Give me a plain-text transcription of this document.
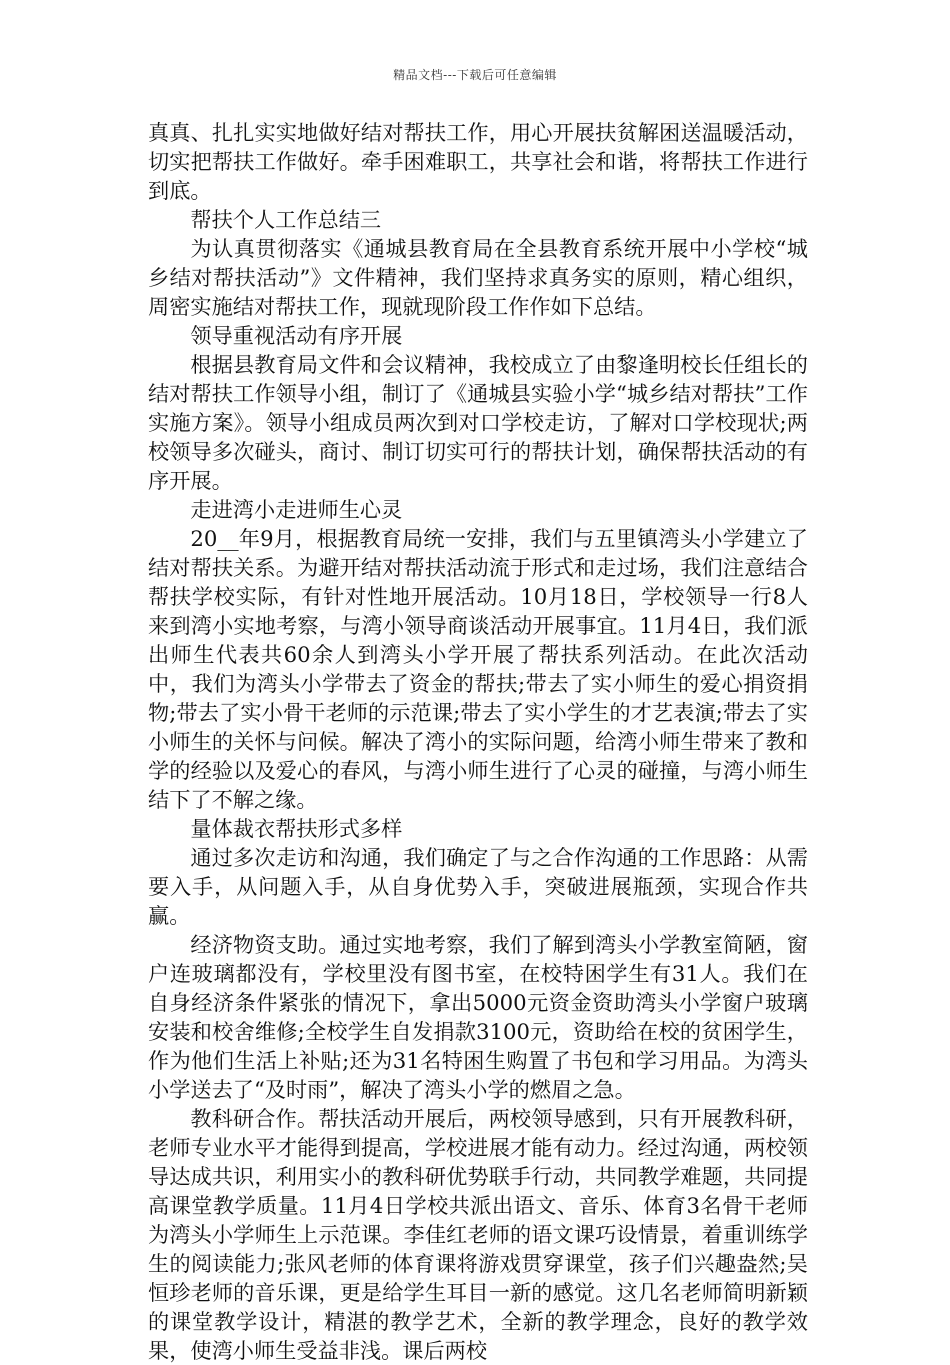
精品文档---下载后可任意编辑

真真、扎扎实实地做好结对帮扶工作，用心开展扶贫解困送温暖活动，切实把帮扶工作做好。牵手困难职工，共享社会和谐，将帮扶工作进行到底。

帮扶个人工作总结三

为认真贯彻落实《通城县教育局在全县教育系统开展中小学校“城乡结对帮扶活动”》文件精神，我们坚持求真务实的原则，精心组织，周密实施结对帮扶工作，现就现阶段工作作如下总结。

领导重视活动有序开展

根据县教育局文件和会议精神，我校成立了由黎逢明校长任组长的结对帮扶工作领导小组，制订了《通城县实验小学“城乡结对帮扶”工作实施方案》。领导小组成员两次到对口学校走访，了解对口学校现状;两校领导多次碰头，商讨、制订切实可行的帮扶计划，确保帮扶活动的有序开展。

走进湾小走进师生心灵

20__年9月，根据教育局统一安排，我们与五里镇湾头小学建立了结对帮扶关系。为避开结对帮扶活动流于形式和走过场，我们注意结合帮扶学校实际，有针对性地开展活动。10月18日，学校领导一行8人来到湾小实地考察，与湾小领导商谈活动开展事宜。11月4日，我们派出师生代表共60余人到湾头小学开展了帮扶系列活动。在此次活动中，我们为湾头小学带去了资金的帮扶;带去了实小师生的爱心捐资捐物;带去了实小骨干老师的示范课;带去了实小学生的才艺表演;带去了实小师生的关怀与问候。解决了湾小的实际问题，给湾小师生带来了教和学的经验以及爱心的春风，与湾小师生进行了心灵的碰撞，与湾小师生结下了不解之缘。

量体裁衣帮扶形式多样

通过多次走访和沟通，我们确定了与之合作沟通的工作思路：从需要入手，从问题入手，从自身优势入手，突破进展瓶颈，实现合作共赢。

经济物资支助。通过实地考察，我们了解到湾头小学教室简陋，窗户连玻璃都没有，学校里没有图书室，在校特困学生有31人。我们在自身经济条件紧张的情况下，拿出5000元资金资助湾头小学窗户玻璃安装和校舍维修;全校学生自发捐款3100元，资助给在校的贫困学生，作为他们生活上补贴;还为31名特困生购置了书包和学习用品。为湾头小学送去了“及时雨”，解决了湾头小学的燃眉之急。

教科研合作。帮扶活动开展后，两校领导感到，只有开展教科研，老师专业水平才能得到提高，学校进展才能有动力。经过沟通，两校领导达成共识，利用实小的教科研优势联手行动，共同教学难题，共同提高课堂教学质量。11月4日学校共派出语文、音乐、体育3名骨干老师为湾头小学师生上示范课。李佳红老师的语文课巧设情景，着重训练学生的阅读能力;张风老师的体育课将游戏贯穿课堂，孩子们兴趣盎然;吴恒珍老师的音乐课，更是给学生耳目一新的感觉。这几名老师简明新颖的课堂教学设计，精湛的教学艺术，全新的教学理念，良好的教学效果，使湾小师生受益非浅。课后两校
